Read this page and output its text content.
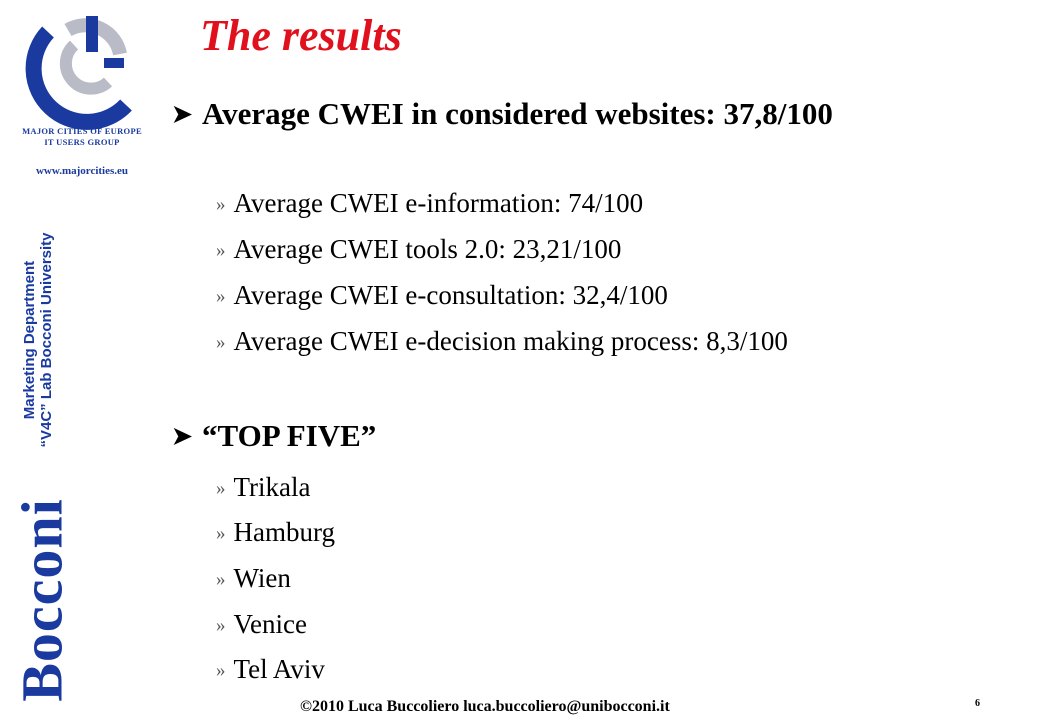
MAJOR CITIES OF EUROPE
IT USERS GROUP
www.majorcities.eu
Marketing Department “V4C” Lab Bocconi University
Bocconi
The results
➤ Average CWEI in considered websites: 37,8/100
» Average CWEI e-information: 74/100
» Average CWEI tools 2.0: 23,21/100
» Average CWEI e-consultation: 32,4/100
» Average CWEI e-decision making process: 8,3/100
➤ “TOP FIVE”
» Trikala
» Hamburg
» Wien
» Venice
» Tel Aviv
©2010 Luca Buccoliero luca.buccoliero@unibocconi.it	6
